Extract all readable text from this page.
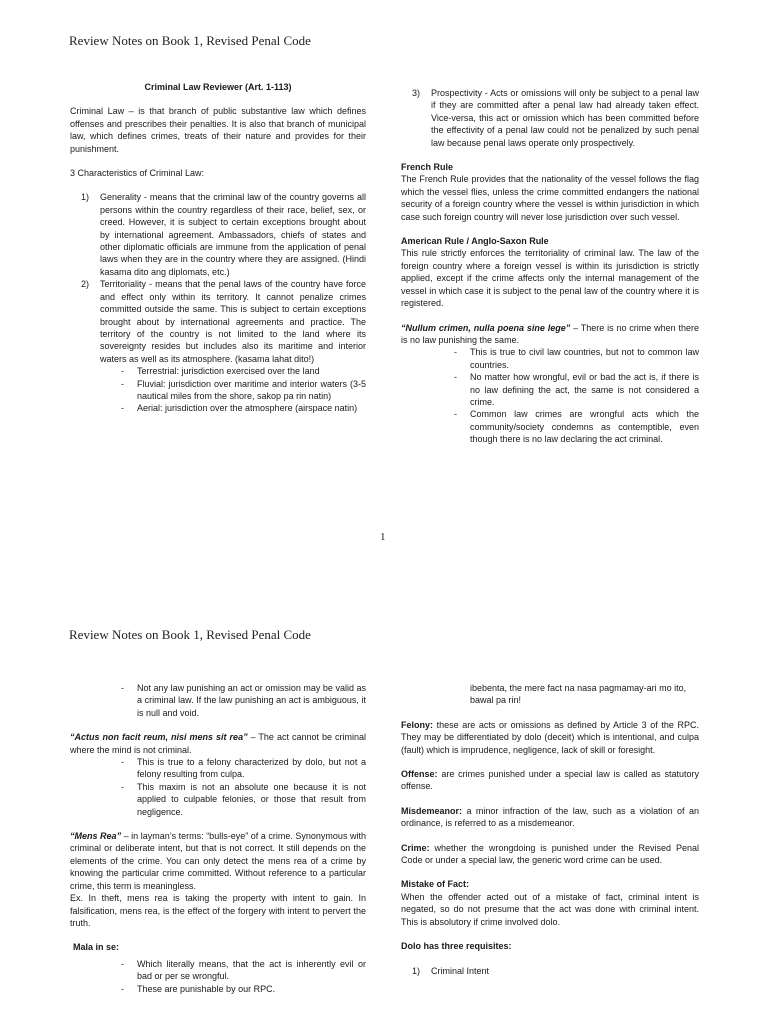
Review Notes on Book 1, Revised Penal Code

Criminal Law Reviewer (Art. 1-113)

Criminal Law – is that branch of public substantive law which defines offenses and prescribes their penalties. It is also that branch of municipal law, which defines crimes, treats of their nature and provides for their punishment.

3 Characteristics of Criminal Law:

1) Generality - means that the criminal law of the country governs all persons within the country regardless of their race, belief, sex, or creed. However, it is subject to certain exceptions brought about by international agreement. Ambassadors, chiefs of states and other diplomatic officials are immune from the application of penal laws when they are in the country where they are assigned. (Hindi kasama dito ang diplomats, etc.)
2) Territoriality - means that the penal laws of the country have force and effect only within its territory. It cannot penalize crimes committed outside the same. This is subject to certain exceptions brought about by international agreements and practice. The territory of the country is not limited to the land where its sovereignty resides but includes also its maritime and interior waters as well as its atmosphere. (kasama lahat dito!)
- Terrestrial: jurisdiction exercised over the land
- Fluvial: jurisdiction over maritime and interior waters (3-5 nautical miles from the shore, sakop pa rin natin)
- Aerial: jurisdiction over the atmosphere (airspace natin)
3) Prospectivity - Acts or omissions will only be subject to a penal law if they are committed after a penal law had already taken effect. Vice-versa, this act or omission which has been committed before the effectivity of a penal law could not be penalized by such penal law because penal laws operate only prospectively.
French Rule

The French Rule provides that the nationality of the vessel follows the flag which the vessel flies, unless the crime committed endangers the national security of a foreign country where the vessel is within jurisdiction in which case such foreign country will never lose jurisdiction over such vessel.

American Rule / Anglo-Saxon Rule

This rule strictly enforces the territoriality of criminal law. The law of the foreign country where a foreign vessel is within its jurisdiction is strictly applied, except if the crime affects only the internal management of the vessel in which case it is subject to the penal law of the country where it is registered.

“Nullum crimen, nulla poena sine lege” – There is no crime when there is no law punishing the same.
- This is true to civil law countries, but not to common law countries.
- No matter how wrongful, evil or bad the act is, if there is no law defining the act, the same is not considered a crime.
- Common law crimes are wrongful acts which the community/society condemns as contemptible, even though there is no law declaring the act criminal.
1
Review Notes on Book 1, Revised Penal Code
- Not any law punishing an act or omission may be valid as a criminal law. If the law punishing an act is ambiguous, it is null and void.
“Actus non facit reum, nisi mens sit rea” – The act cannot be criminal where the mind is not criminal.
- This is true to a felony characterized by dolo, but not a felony resulting from culpa.
- This maxim is not an absolute one because it is not applied to culpable felonies, or those that result from negligence.
“Mens Rea” – in layman’s terms: “bulls-eye” of a crime. Synonymous with criminal or deliberate intent, but that is not correct. It still depends on the elements of the crime. You can only detect the mens rea of a crime by knowing the particular crime committed. Without reference to a particular crime, this term is meaningless.

Ex. In theft, mens rea is taking the property with intent to gain. In falsification, mens rea, is the effect of the forgery with intent to pervert the truth.

Mala in se:
- Which literally means, that the act is inherently evil or bad or per se wrongful.
- These are punishable by our RPC.

ibebenta, the mere fact na nasa pagmamay-ari mo ito, bawal pa rin!

Felony: these are acts or omissions as defined by Article 3 of the RPC. They may be differentiated by dolo (deceit) which is intentional, and culpa (fault) which is imprudence, negligence, lack of skill or foresight.

Offense: are crimes punished under a special law is called as statutory offense.

Misdemeanor: a minor infraction of the law, such as a violation of an ordinance, is referred to as a misdemeanor.

Crime: whether the wrongdoing is punished under the Revised Penal Code or under a special law, the generic word crime can be used.

Mistake of Fact:

When the offender acted out of a mistake of fact, criminal intent is negated, so do not presume that the act was done with criminal intent. This is absolutory if crime involved dolo.

Dolo has three requisites:
1) Criminal Intent
